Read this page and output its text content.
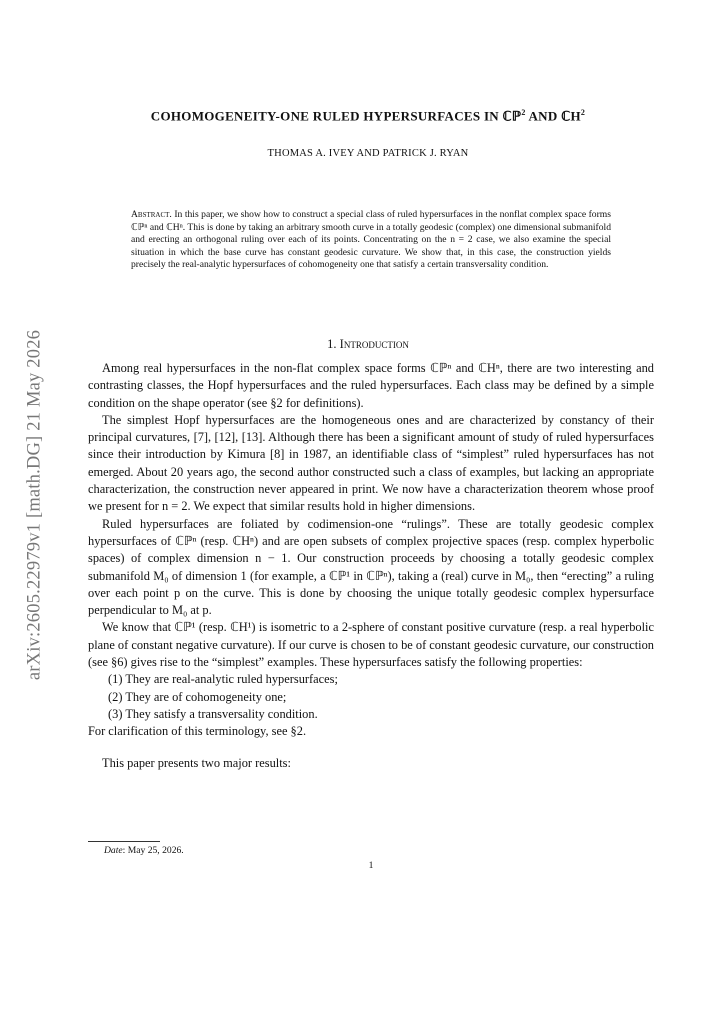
arXiv:2605.22979v1 [math.DG] 21 May 2026
COHOMOGENEITY-ONE RULED HYPERSURFACES IN ℂℙ$^2$ AND ℂH$^2$
THOMAS A. IVEY AND PATRICK J. RYAN
Abstract. In this paper, we show how to construct a special class of ruled hypersurfaces in the nonflat complex space forms ℂℙⁿ and ℂHⁿ. This is done by taking an arbitrary smooth curve in a totally geodesic (complex) one dimensional submanifold and erecting an orthogonal ruling over each of its points. Concentrating on the n = 2 case, we also examine the special situation in which the base curve has constant geodesic curvature. We show that, in this case, the construction yields precisely the real-analytic hypersurfaces of cohomogeneity one that satisfy a certain transversality condition.
1. Introduction

Among real hypersurfaces in the non-flat complex space forms ℂℙⁿ and ℂHⁿ, there are two interesting and contrasting classes, the Hopf hypersurfaces and the ruled hypersurfaces. Each class may be defined by a simple condition on the shape operator (see §2 for definitions).

The simplest Hopf hypersurfaces are the homogeneous ones and are characterized by constancy of their principal curvatures, [7], [12], [13]. Although there has been a significant amount of study of ruled hypersurfaces since their introduction by Kimura [8] in 1987, an identifiable class of “simplest” ruled hypersurfaces has not emerged. About 20 years ago, the second author constructed such a class of examples, but lacking an appropriate characterization, the construction never appeared in print. We now have a characterization theorem whose proof we present for n = 2. We expect that similar results hold in higher dimensions.

Ruled hypersurfaces are foliated by codimension-one “rulings”. These are totally geodesic complex hypersurfaces of ℂℙⁿ (resp. ℂHⁿ) and are open subsets of complex projective spaces (resp. complex hyperbolic spaces) of complex dimension n − 1. Our construction proceeds by choosing a totally geodesic complex submanifold M₀ of dimension 1 (for example, a ℂℙ¹ in ℂℙⁿ), taking a (real) curve in M₀, then “erecting” a ruling over each point p on the curve. This is done by choosing the unique totally geodesic complex hypersurface perpendicular to M₀ at p.

We know that ℂℙ¹ (resp. ℂH¹) is isometric to a 2-sphere of constant positive curvature (resp. a real hyperbolic plane of constant negative curvature). If our curve is chosen to be of constant geodesic curvature, our construction (see §6) gives rise to the “simplest” examples. These hypersurfaces satisfy the following properties:

(1) They are real-analytic ruled hypersurfaces;
(2) They are of cohomogeneity one;
(3) They satisfy a transversality condition.

For clarification of this terminology, see §2.

This paper presents two major results:

Date: May 25, 2026.
1
